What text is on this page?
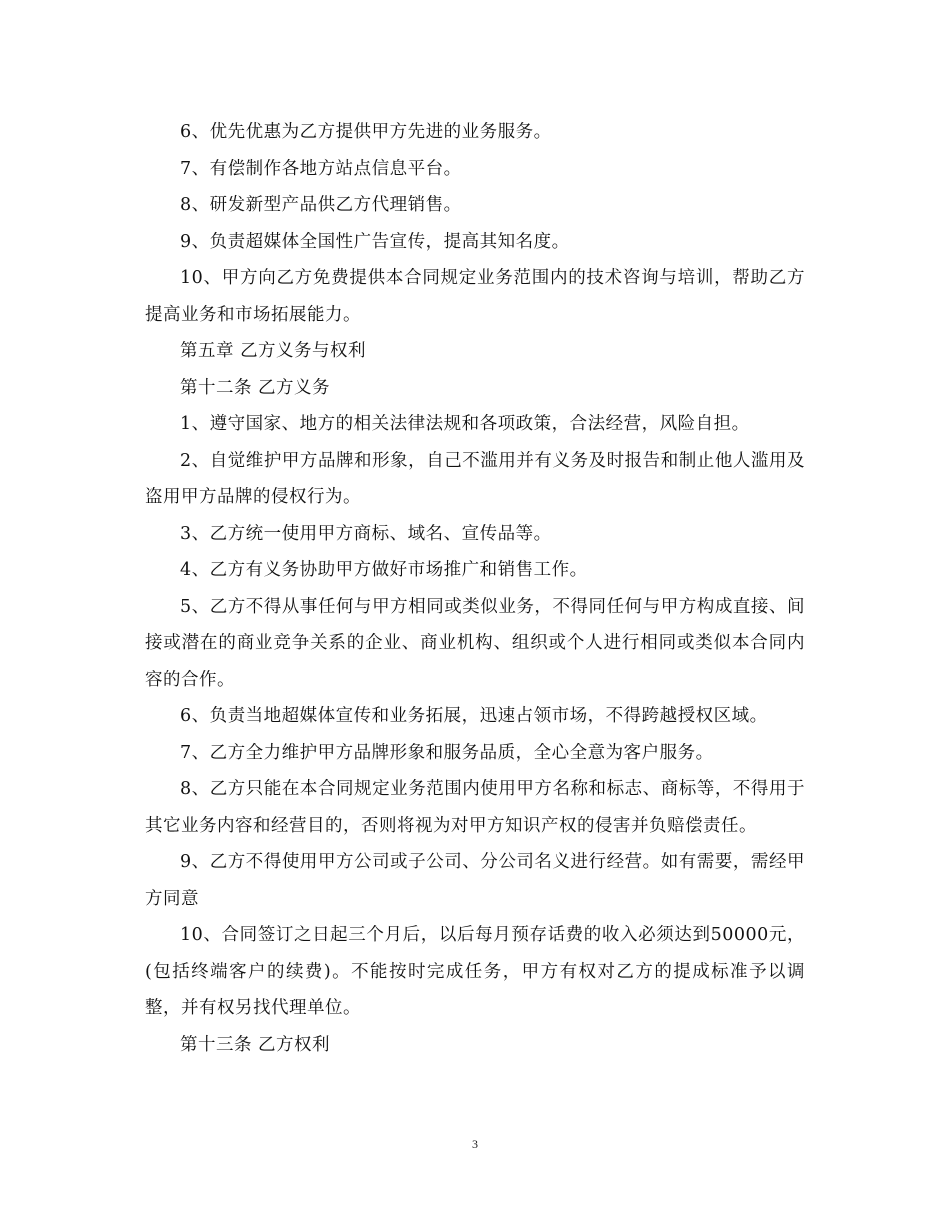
6、优先优惠为乙方提供甲方先进的业务服务。

7、有偿制作各地方站点信息平台。

8、研发新型产品供乙方代理销售。

9、负责超媒体全国性广告宣传，提高其知名度。

10、甲方向乙方免费提供本合同规定业务范围内的技术咨询与培训，帮助乙方提高业务和市场拓展能力。

第五章 乙方义务与权利

第十二条 乙方义务

1、遵守国家、地方的相关法律法规和各项政策，合法经营，风险自担。

2、自觉维护甲方品牌和形象，自己不滥用并有义务及时报告和制止他人滥用及盗用甲方品牌的侵权行为。

3、乙方统一使用甲方商标、域名、宣传品等。

4、乙方有义务协助甲方做好市场推广和销售工作。

5、乙方不得从事任何与甲方相同或类似业务，不得同任何与甲方构成直接、间接或潜在的商业竞争关系的企业、商业机构、组织或个人进行相同或类似本合同内容的合作。

6、负责当地超媒体宣传和业务拓展，迅速占领市场，不得跨越授权区域。

7、乙方全力维护甲方品牌形象和服务品质，全心全意为客户服务。

8、乙方只能在本合同规定业务范围内使用甲方名称和标志、商标等，不得用于其它业务内容和经营目的，否则将视为对甲方知识产权的侵害并负赔偿责任。

9、乙方不得使用甲方公司或子公司、分公司名义进行经营。如有需要，需经甲方同意

10、合同签订之日起三个月后，以后每月预存话费的收入必须达到50000元，(包括终端客户的续费)。不能按时完成任务，甲方有权对乙方的提成标准予以调整，并有权另找代理单位。

第十三条 乙方权利

3
